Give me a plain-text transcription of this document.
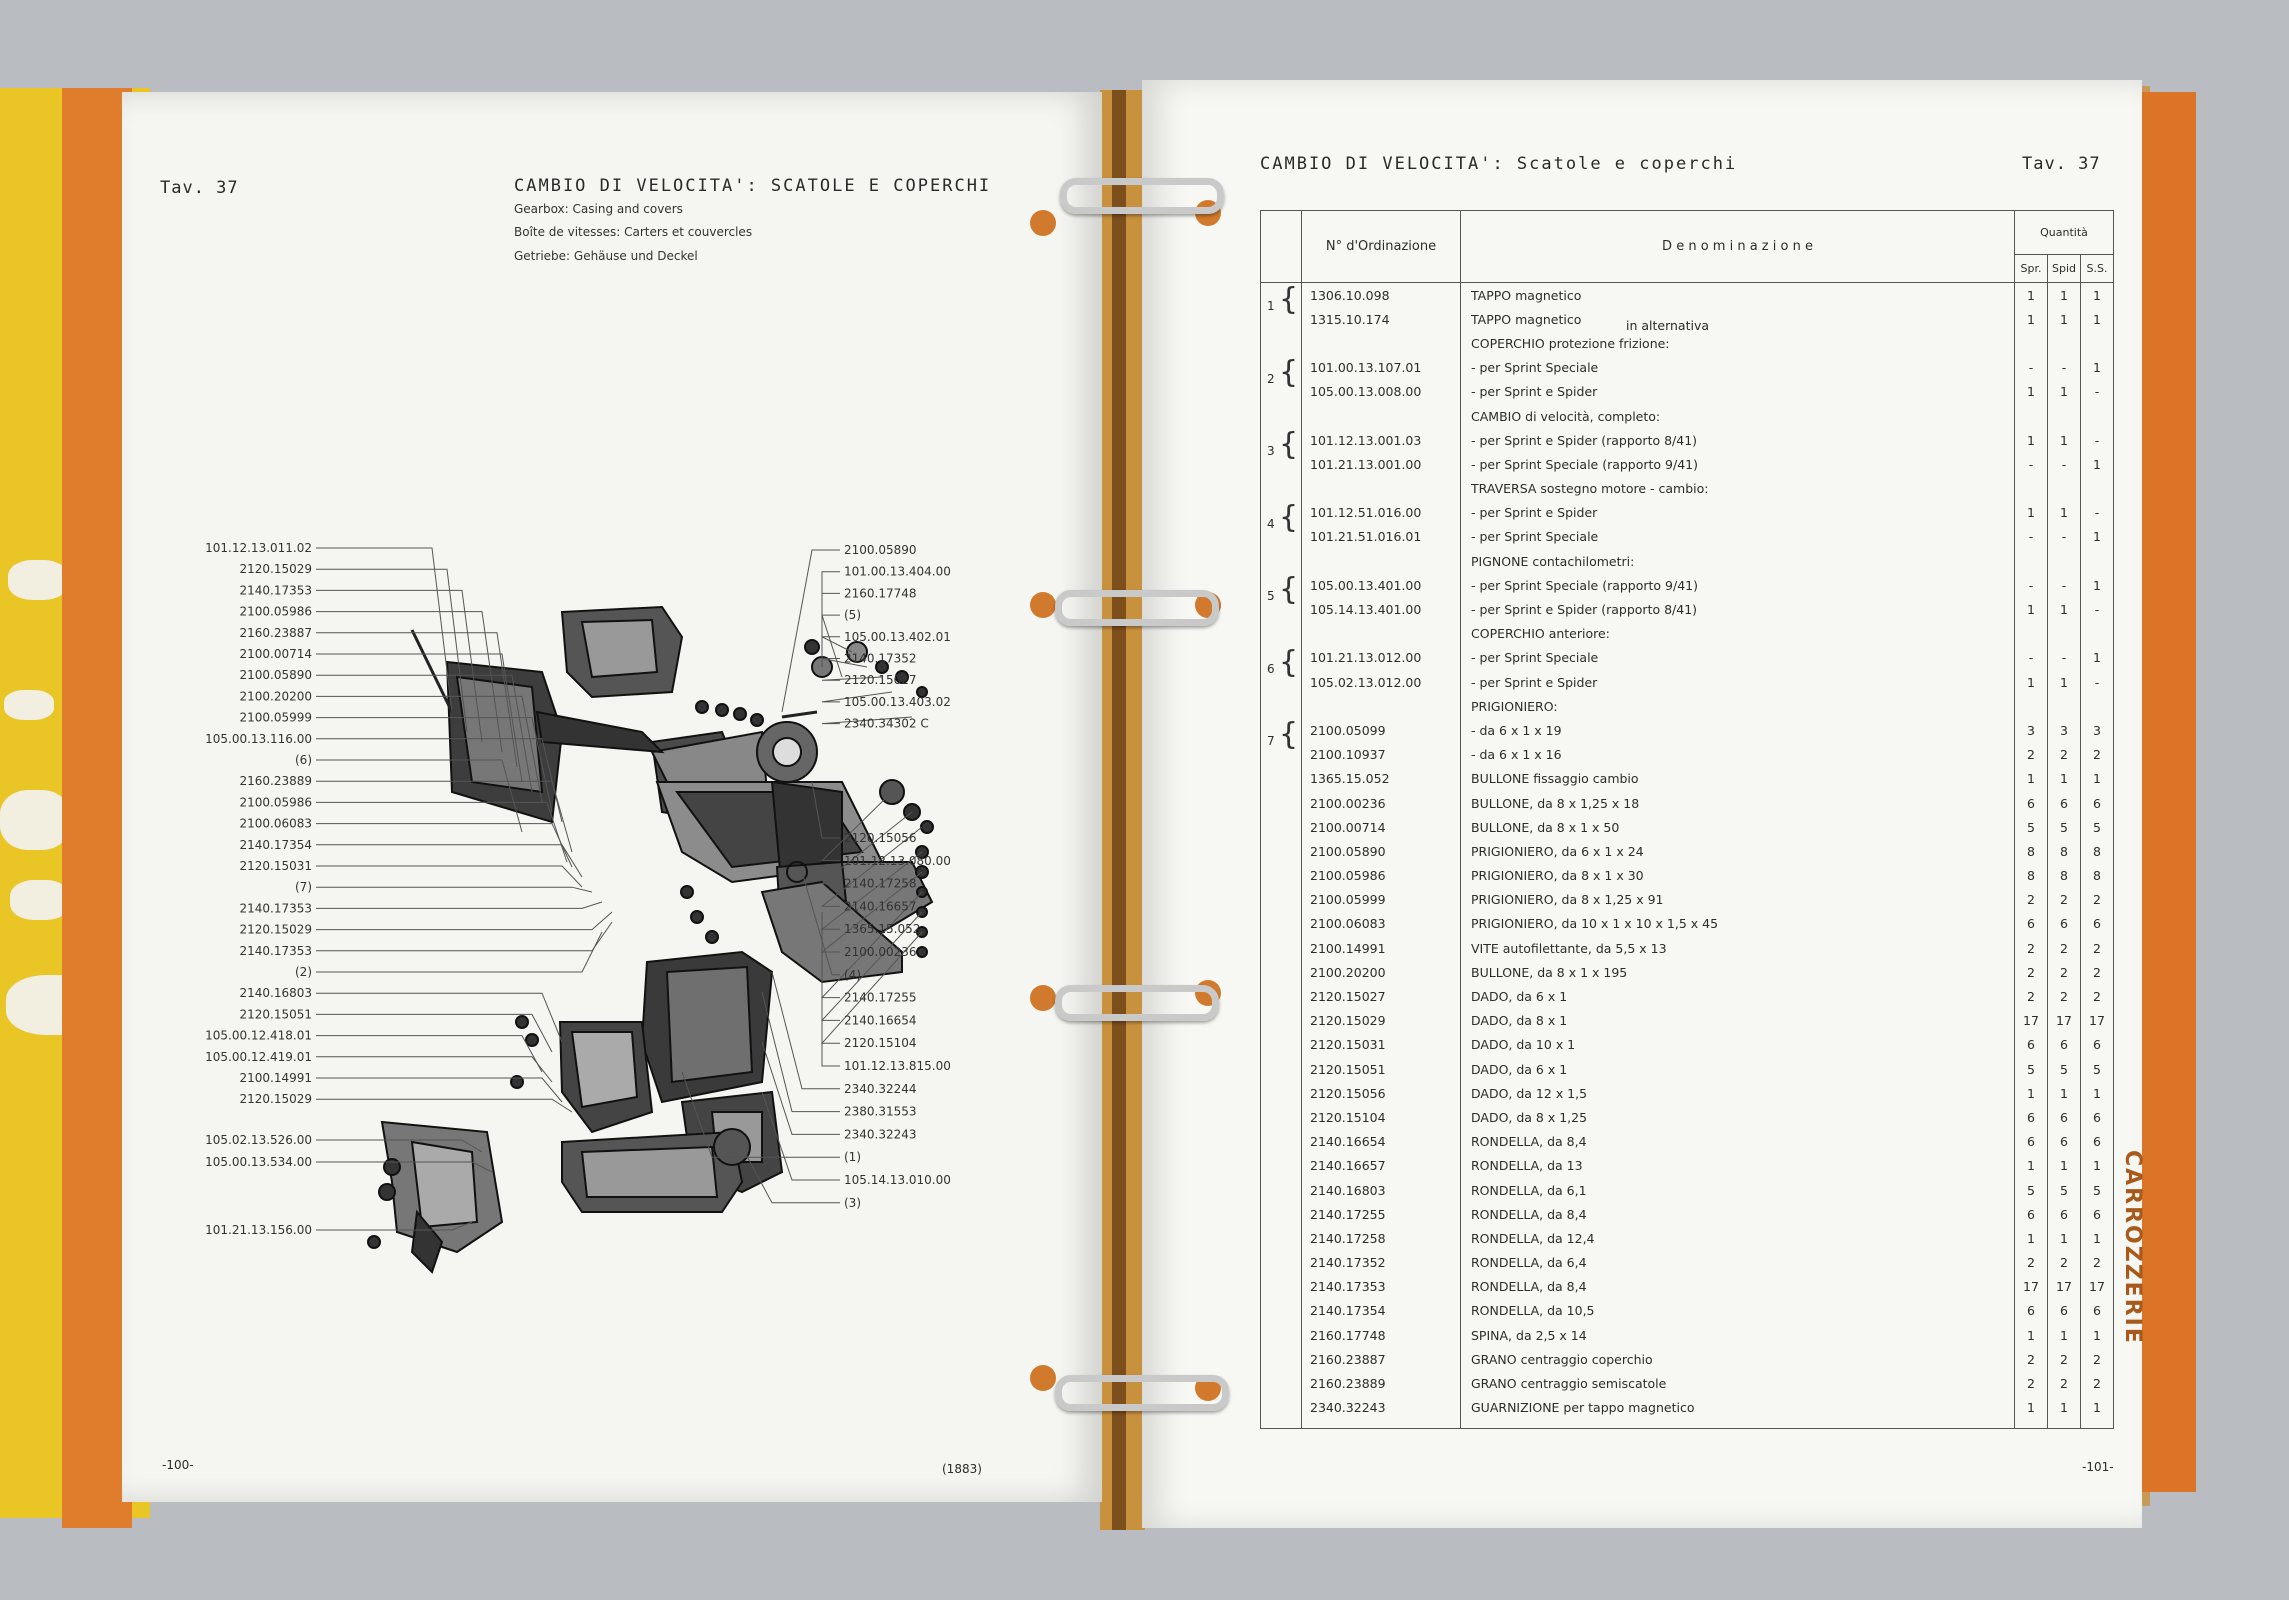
Tav. 37	CAMBIO DI VELOCITA': SCATOLE E COPERCHI
Gearbox: Casing and covers
Boîte de vitesses: Carters et couvercles
Getriebe: Gehäuse und Deckel
101.12.13.011.02
2120.15029
2140.17353
2100.05986
2160.23887
2100.00714
2100.05890
2100.20200
2100.05999
105.00.13.116.00
(6)
2160.23889
2100.05986
2100.06083
2140.17354
2120.15031
(7)
2140.17353
2120.15029
2140.17353
(2)
2140.16803
2120.15051
105.00.12.418.01
105.00.12.419.01
2100.14991
2120.15029
105.02.13.526.00
105.00.13.534.00
101.21.13.156.00
2100.05890
101.00.13.404.00
2160.17748
(5)
105.00.13.402.01
2140.17352
2120.15027
105.00.13.403.02
2340.34302 C
2120.15056
101.12.13.080.00
2140.17258
2140.16657
1365.15.052
2100.00236
(4)
2140.17255
2140.16654
2120.15104
101.12.13.815.00
2340.32244
2380.31553
2340.32243
(1)
105.14.13.010.00
(3)
-100-	(1883)
CAMBIO DI VELOCITA': Scatole e coperchi	Tav. 37
	N° d'Ordinazione	D e n o m i n a z i o n e	Quantità		
			Spr.	Spid	S.S.

1 {	1306.10.098	TAPPO magnetico	1	1	1
	1315.10.174	TAPPO magnetico	1	1	1
		COPERCHIO protezione frizione:			

2 {	101.00.13.107.01	- per Sprint Speciale	-	-	1
	105.00.13.008.00	- per Sprint e Spider	1	1	-
		CAMBIO di velocità, completo:			

3 {	101.12.13.001.03	- per Sprint e Spider (rapporto 8/41)	1	1	-
	101.21.13.001.00	- per Sprint Speciale (rapporto 9/41)	-	-	1
		TRAVERSA sostegno motore - cambio:			

4 {	101.12.51.016.00	- per Sprint e Spider	1	1	-
	101.21.51.016.01	- per Sprint Speciale	-	-	1
		PIGNONE contachilometri:			

5 {	105.00.13.401.00	- per Sprint Speciale (rapporto 9/41)	-	-	1
	105.14.13.401.00	- per Sprint e Spider (rapporto 8/41)	1	1	-
		COPERCHIO anteriore:			

6 {	101.21.13.012.00	- per Sprint Speciale	-	-	1
	105.02.13.012.00	- per Sprint e Spider	1	1	-
		PRIGIONIERO:			

7 {	2100.05099	- da 6 x 1 x 19	3	3	3
	2100.10937	- da 6 x 1 x 16	2	2	2
	1365.15.052	BULLONE fissaggio cambio	1	1	1
	2100.00236	BULLONE, da 8 x 1,25 x 18	6	6	6
	2100.00714	BULLONE, da 8 x 1 x 50	5	5	5
	2100.05890	PRIGIONIERO, da 6 x 1 x 24	8	8	8
	2100.05986	PRIGIONIERO, da 8 x 1 x 30	8	8	8
	2100.05999	PRIGIONIERO, da 8 x 1,25 x 91	2	2	2
	2100.06083	PRIGIONIERO, da 10 x 1 x 10 x 1,5 x 45	6	6	6
	2100.14991	VITE autofilettante, da 5,5 x 13	2	2	2
	2100.20200	BULLONE, da 8 x 1 x 195	2	2	2
	2120.15027	DADO, da 6 x 1	2	2	2
	2120.15029	DADO, da 8 x 1	17	17	17
	2120.15031	DADO, da 10 x 1	6	6	6
	2120.15051	DADO, da 6 x 1	5	5	5
	2120.15056	DADO, da 12 x 1,5	1	1	1
	2120.15104	DADO, da 8 x 1,25	6	6	6
	2140.16654	RONDELLA, da 8,4	6	6	6
	2140.16657	RONDELLA, da 13	1	1	1
	2140.16803	RONDELLA, da 6,1	5	5	5
	2140.17255	RONDELLA, da 8,4	6	6	6
	2140.17258	RONDELLA, da 12,4	1	1	1
	2140.17352	RONDELLA, da 6,4	2	2	2
	2140.17353	RONDELLA, da 8,4	17	17	17
	2140.17354	RONDELLA, da 10,5	6	6	6
	2160.17748	SPINA, da 2,5 x 14	1	1	1
	2160.23887	GRANO centraggio coperchio	2	2	2
	2160.23889	GRANO centraggio semiscatole	2	2	2
	2340.32243	GUARNIZIONE per tappo magnetico	1	1	1

in alternativa
-101-
CARROZZERIE
